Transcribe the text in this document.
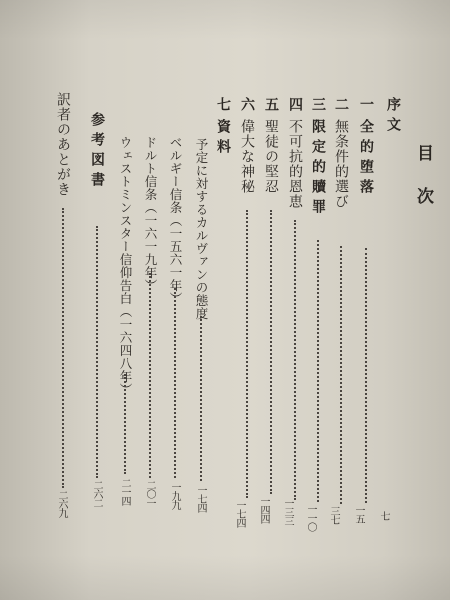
目次

序文

七

一全的堕落

一五

二無条件的選び

三七

三限定的贖罪

一一〇

四不可抗的恩恵

一三三

五聖徒の堅忍

一四四

六偉大な神秘

一七四

七資料

予定に対するカルヴァンの態度

一七四

ベルギー信条（一五六一年）

一九九

ドルト信条（一六一九年）

二〇一

ウェストミンスター信仰告白（一六四八年）

二一四

参考図書

二六二

訳者のあとがき

二六九
